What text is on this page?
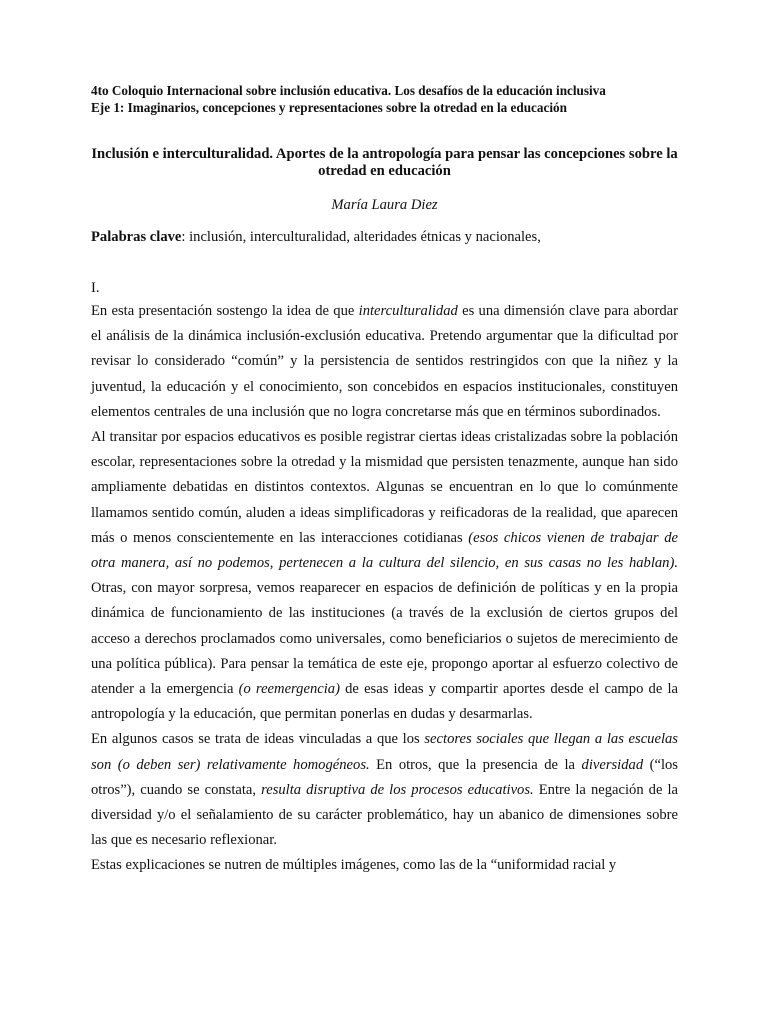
4to Coloquio Internacional sobre inclusión educativa. Los desafíos de la educación inclusiva
Eje 1: Imaginarios, concepciones y representaciones sobre la otredad en la educación
Inclusión e interculturalidad. Aportes de la antropología para pensar las concepciones sobre la otredad en educación
María Laura Diez
Palabras clave: inclusión, interculturalidad, alteridades étnicas y nacionales,
I.

En esta presentación sostengo la idea de que interculturalidad es una dimensión clave para abordar el análisis de la dinámica inclusión-exclusión educativa. Pretendo argumentar que la dificultad por revisar lo considerado “común” y la persistencia de sentidos restringidos con que la niñez y la juventud, la educación y el conocimiento, son concebidos en espacios institucionales, constituyen elementos centrales de una inclusión que no logra concretarse más que en términos subordinados.

Al transitar por espacios educativos es posible registrar ciertas ideas cristalizadas sobre la población escolar, representaciones sobre la otredad y la mismidad que persisten tenazmente, aunque han sido ampliamente debatidas en distintos contextos. Algunas se encuentran en lo que lo comúnmente llamamos sentido común, aluden a ideas simplificadoras y reificadoras de la realidad, que aparecen más o menos conscientemente en las interacciones cotidianas (esos chicos vienen de trabajar de otra manera, así no podemos, pertenecen a la cultura del silencio, en sus casas no les hablan). Otras, con mayor sorpresa, vemos reaparecer en espacios de definición de políticas y en la propia dinámica de funcionamiento de las instituciones (a través de la exclusión de ciertos grupos del acceso a derechos proclamados como universales, como beneficiarios o sujetos de merecimiento de una política pública). Para pensar la temática de este eje, propongo aportar al esfuerzo colectivo de atender a la emergencia (o reemergencia) de esas ideas y compartir aportes desde el campo de la antropología y la educación, que permitan ponerlas en dudas y desarmarlas.

En algunos casos se trata de ideas vinculadas a que los sectores sociales que llegan a las escuelas son (o deben ser) relativamente homogéneos. En otros, que la presencia de la diversidad (“los otros”), cuando se constata, resulta disruptiva de los procesos educativos. Entre la negación de la diversidad y/o el señalamiento de su carácter problemático, hay un abanico de dimensiones sobre las que es necesario reflexionar.

Estas explicaciones se nutren de múltiples imágenes, como las de la “uniformidad racial y
